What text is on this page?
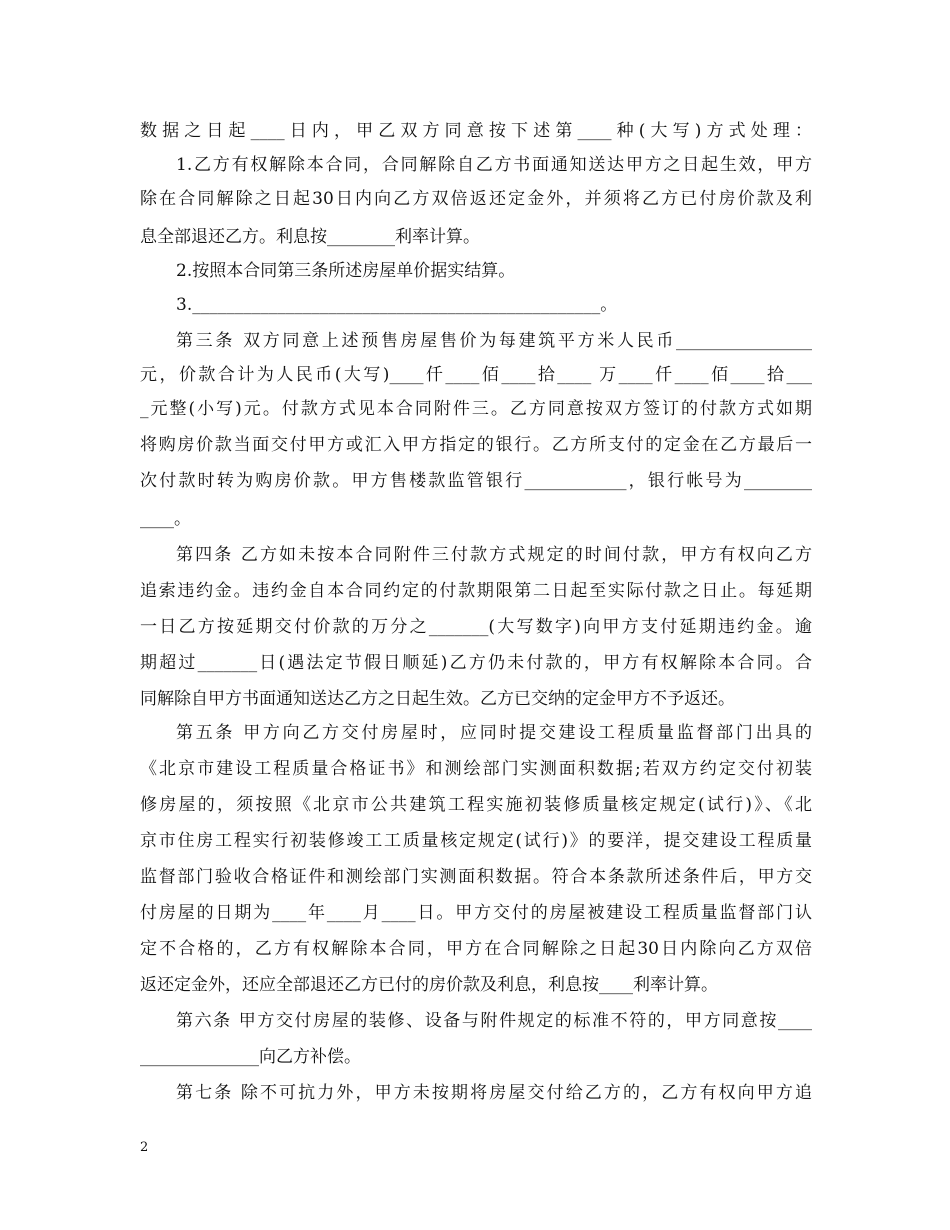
数据之日起____日内，甲乙双方同意按下述第____种(大写)方式处理：
1.乙方有权解除本合同，合同解除自乙方书面通知送达甲方之日起生效，甲方
除在合同解除之日起30日内向乙方双倍返还定金外，并须将乙方已付房价款及利
息全部退还乙方。利息按________利率计算。
2.按照本合同第三条所述房屋单价据实结算。
3.________________________________________________。
第三条 双方同意上述预售房屋售价为每建筑平方米人民币________________
元，价款合计为人民币(大写)____仟____佰____拾____ 万____仟____佰____拾___
_元整(小写)元。付款方式见本合同附件三。乙方同意按双方签订的付款方式如期
将购房价款当面交付甲方或汇入甲方指定的银行。乙方所支付的定金在乙方最后一
次付款时转为购房价款。甲方售楼款监管银行____________，银行帐号为________
____。
第四条 乙方如未按本合同附件三付款方式规定的时间付款，甲方有权向乙方
追索违约金。违约金自本合同约定的付款期限第二日起至实际付款之日止。每延期
一日乙方按延期交付价款的万分之_______(大写数字)向甲方支付延期违约金。逾
期超过_______日(遇法定节假日顺延)乙方仍未付款的，甲方有权解除本合同。合
同解除自甲方书面通知送达乙方之日起生效。乙方已交纳的定金甲方不予返还。
第五条 甲方向乙方交付房屋时，应同时提交建设工程质量监督部门出具的
《北京市建设工程质量合格证书》和测绘部门实测面积数据;若双方约定交付初装
修房屋的，须按照《北京市公共建筑工程实施初装修质量核定规定(试行)》、《北
京市住房工程实行初装修竣工工质量核定规定(试行)》的要洋，提交建设工程质量
监督部门验收合格证件和测绘部门实测面积数据。符合本条款所述条件后，甲方交
付房屋的日期为____年____月____日。甲方交付的房屋被建设工程质量监督部门认
定不合格的，乙方有权解除本合同，甲方在合同解除之日起30日内除向乙方双倍
返还定金外，还应全部退还乙方已付的房价款及利息，利息按____利率计算。
第六条 甲方交付房屋的装修、设备与附件规定的标准不符的，甲方同意按____
______________向乙方补偿。
第七条 除不可抗力外，甲方未按期将房屋交付给乙方的，乙方有权向甲方追
2
